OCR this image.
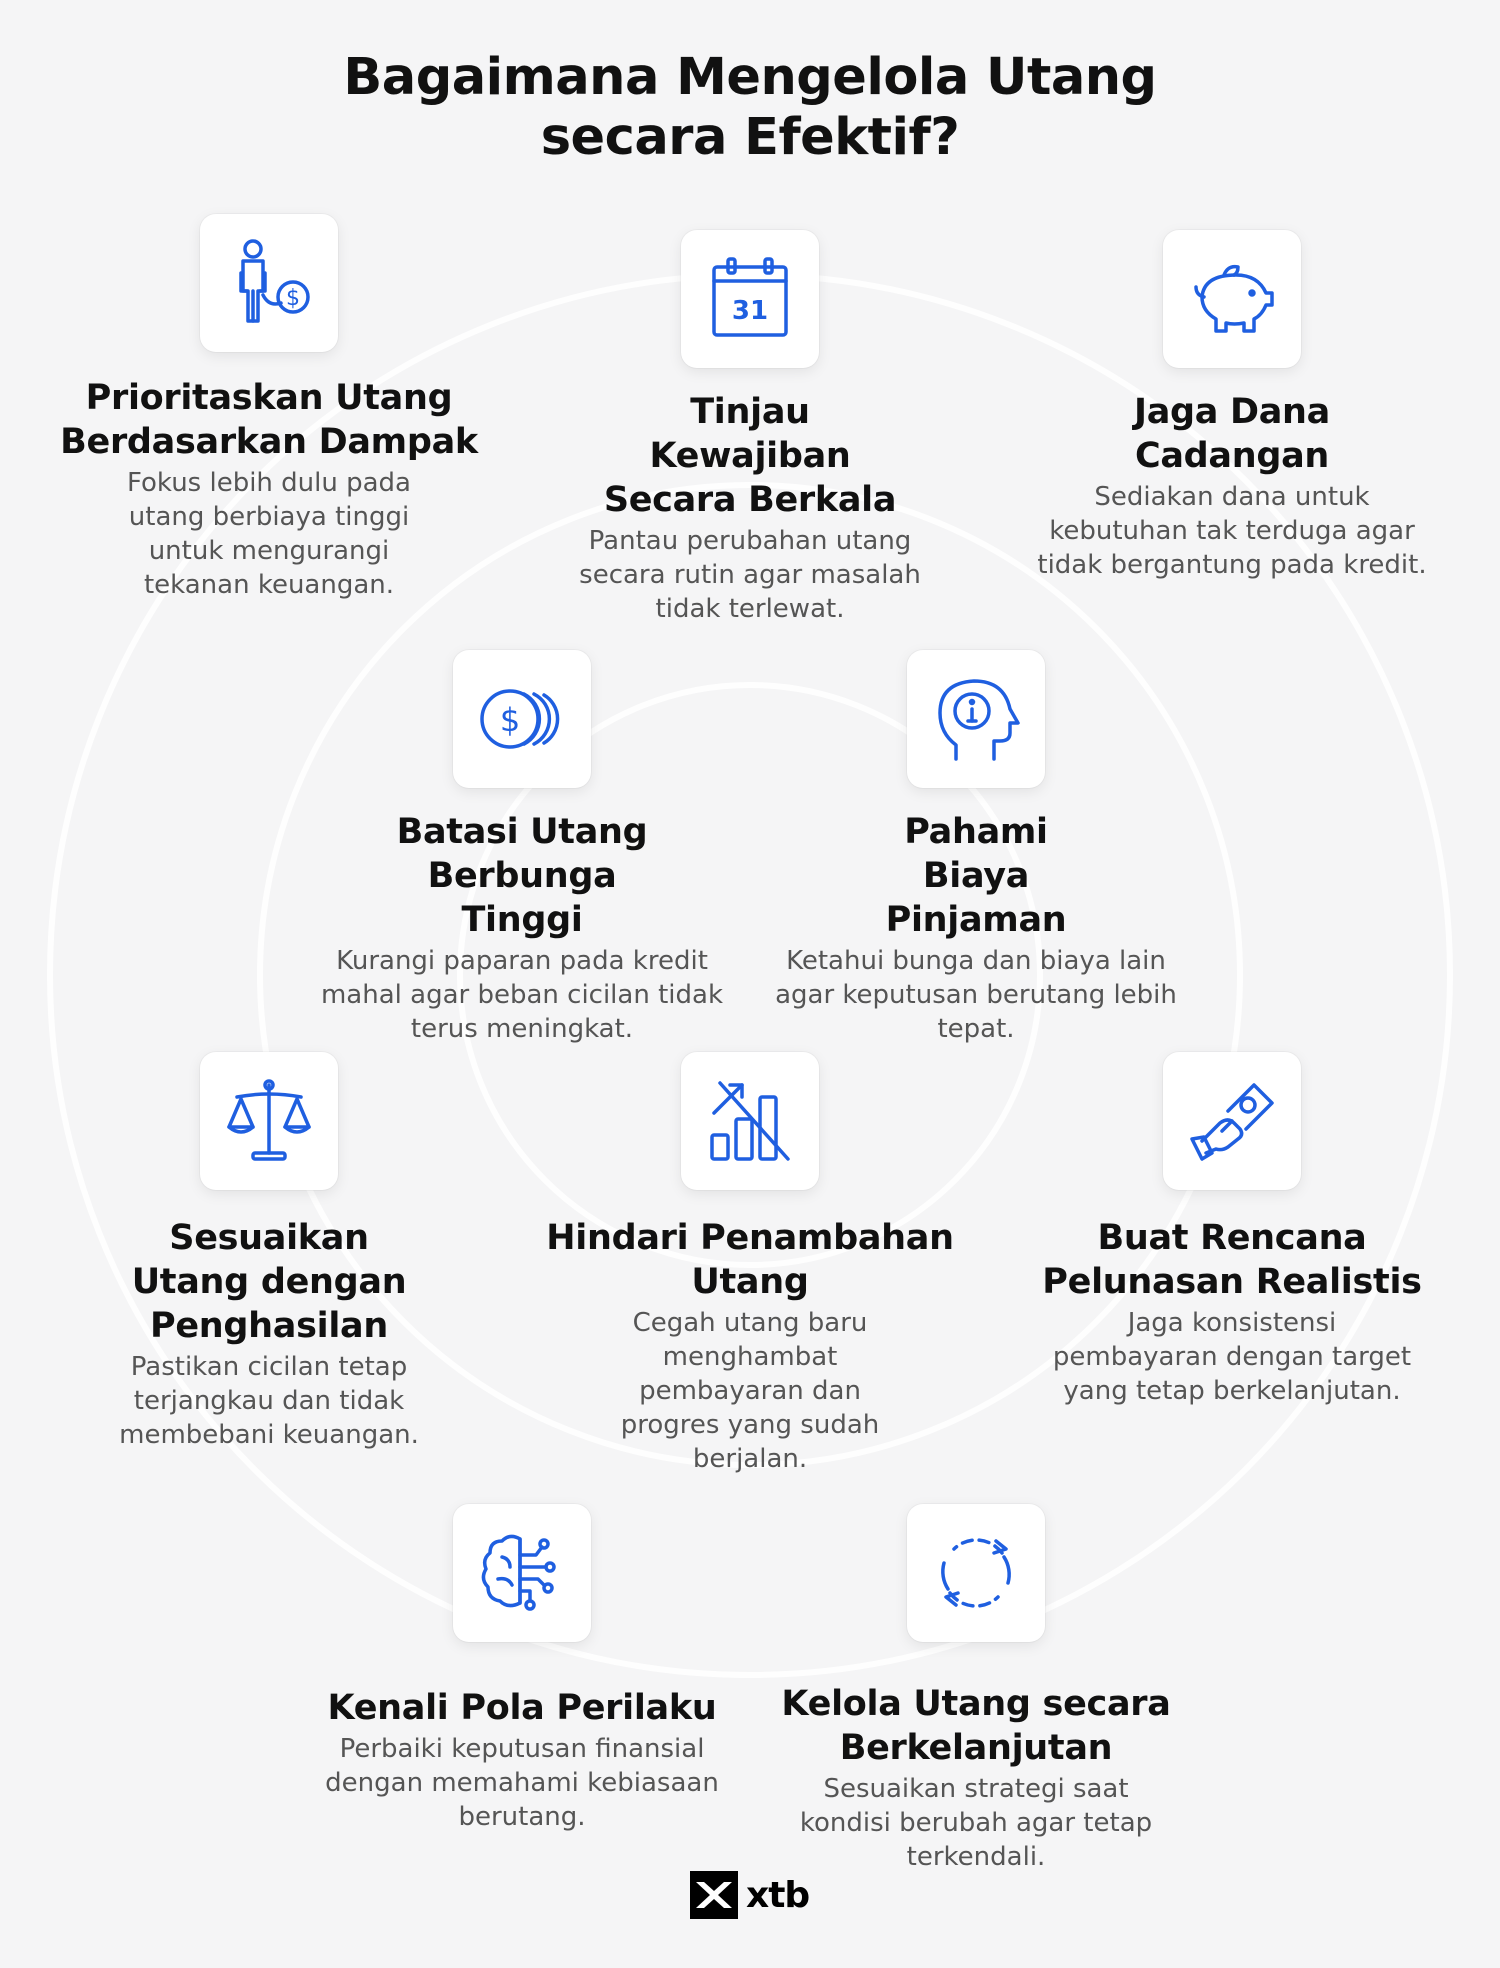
Bagaimana Mengelola Utang secara Efektif?
$
Prioritaskan Utang Berdasarkan Dampak
Fokus lebih dulu pada utang berbiaya tinggi untuk mengurangi tekanan keuangan.
31
Tinjau Kewajiban Secara Berkala
Pantau perubahan utang secara rutin agar masalah tidak terlewat.
Jaga Dana Cadangan
Sediakan dana untuk kebutuhan tak terduga agar tidak bergantung pada kredit.
$
Batasi Utang Berbunga Tinggi
Kurangi paparan pada kredit mahal agar beban cicilan tidak terus meningkat.
Pahami Biaya Pinjaman
Ketahui bunga dan biaya lain agar keputusan berutang lebih tepat.
Sesuaikan Utang dengan Penghasilan
Pastikan cicilan tetap terjangkau dan tidak membebani keuangan.
Hindari Penambahan Utang
Cegah utang baru menghambat pembayaran dan progres yang sudah berjalan.
Buat Rencana Pelunasan Realistis
Jaga konsistensi pembayaran dengan target yang tetap berkelanjutan.
Kenali Pola Perilaku
Perbaiki keputusan finansial dengan memahami kebiasaan berutang.
Kelola Utang secara Berkelanjutan
Sesuaikan strategi saat kondisi berubah agar tetap terkendali.
xtb
